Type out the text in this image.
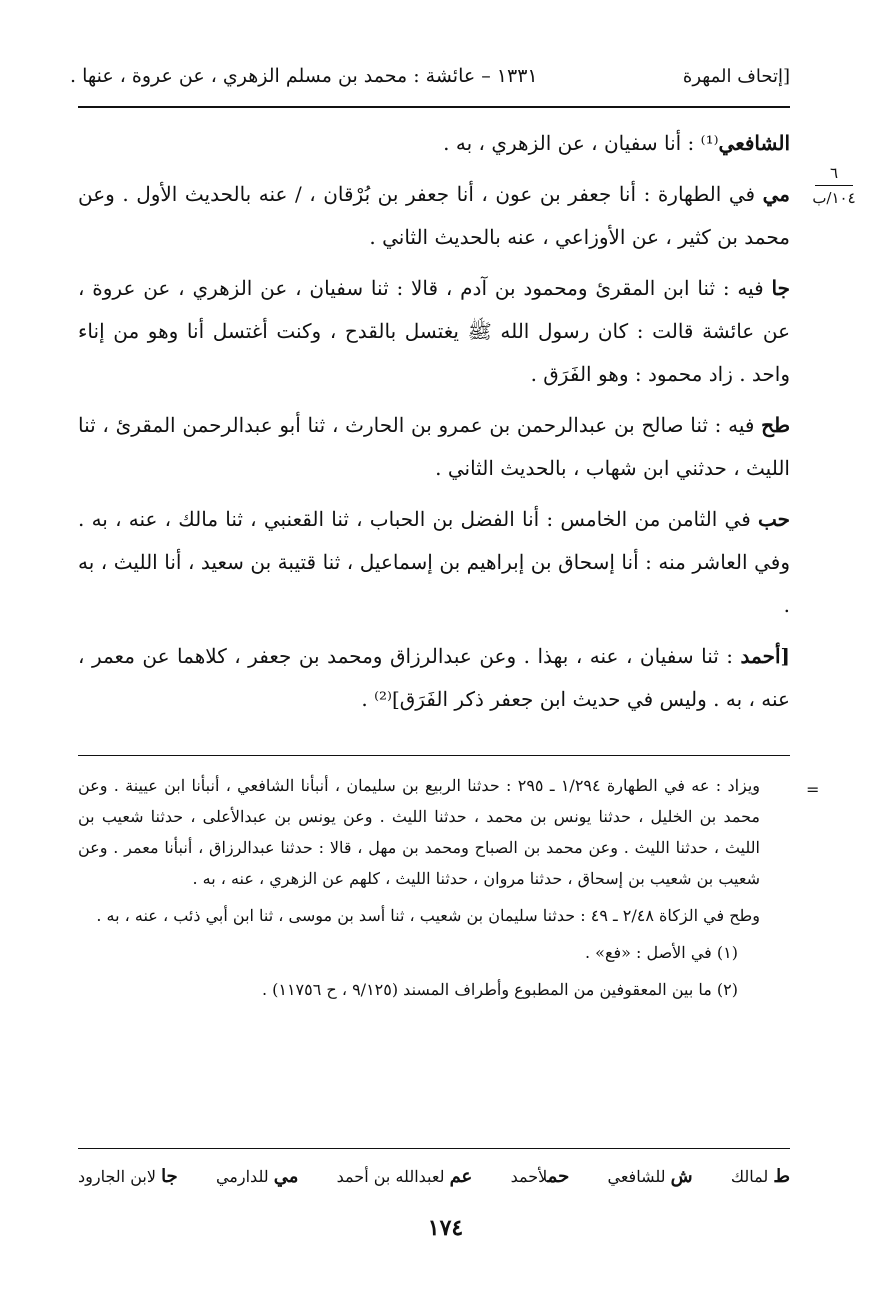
١٣٣١ – عائشة : محمد بن مسلم الزهري ، عن عروة ، عنها .	[إتحاف المهرة
٦
١٠٤/ب

الشافعي⁽¹⁾ : أنا سفيان ، عن الزهري ، به .

مي في الطهارة : أنا جعفر بن عون ، أنا جعفر بن بُرْقان ، / عنه بالحديث الأول . وعن محمد بن كثير ، عن الأوزاعي ، عنه بالحديث الثاني .

جا فيه : ثنا ابن المقرئ ومحمود بن آدم ، قالا : ثنا سفيان ، عن الزهري ، عن عروة ، عن عائشة قالت : كان رسول الله ﷺ يغتسل بالقدح ، وكنت أغتسل أنا وهو من إناء واحد . زاد محمود : وهو الفَرَق .

طح فيه : ثنا صالح بن عبدالرحمن بن عمرو بن الحارث ، ثنا أبو عبدالرحمن المقرئ ، ثنا الليث ، حدثني ابن شهاب ، بالحديث الثاني .

حب في الثامن من الخامس : أنا الفضل بن الحباب ، ثنا القعنبي ، ثنا مالك ، عنه ، به . وفي العاشر منه : أنا إسحاق بن إبراهيم بن إسماعيل ، ثنا قتيبة بن سعيد ، أنا الليث ، به .

[أحمد : ثنا سفيان ، عنه ، بهذا . وعن عبدالرزاق ومحمد بن جعفر ، كلاهما عن معمر ، عنه ، به . وليس في حديث ابن جعفر ذكر الفَرَق]⁽²⁾ .

=

ويزاد : عه في الطهارة ١/٢٩٤ ـ ٢٩٥ : حدثنا الربيع بن سليمان ، أنبأنا الشافعي ، أنبأنا ابن عيينة . وعن محمد بن الخليل ، حدثنا يونس بن محمد ، حدثنا الليث . وعن يونس بن عبدالأعلى ، حدثنا شعيب بن الليث ، حدثنا الليث . وعن محمد بن الصباح ومحمد بن مهل ، قالا : حدثنا عبدالرزاق ، أنبأنا معمر . وعن شعيب بن شعيب بن إسحاق ، حدثنا مروان ، حدثنا الليث ، كلهم عن الزهري ، عنه ، به .

وطح في الزكاة ٢/٤٨ ـ ٤٩ : حدثنا سليمان بن شعيب ، ثنا أسد بن موسى ، ثنا ابن أبي ذئب ، عنه ، به .

(١) في الأصل : «فع» .

(٢) ما بين المعقوفين من المطبوع وأطراف المسند (٩/١٢٥ ، ح ١١٧٥٦) .

ط لمالك
ش للشافعي
حملأحمد
عم لعبدالله بن أحمد
مي للدارمي
جا لابن الجارود
١٧٤
